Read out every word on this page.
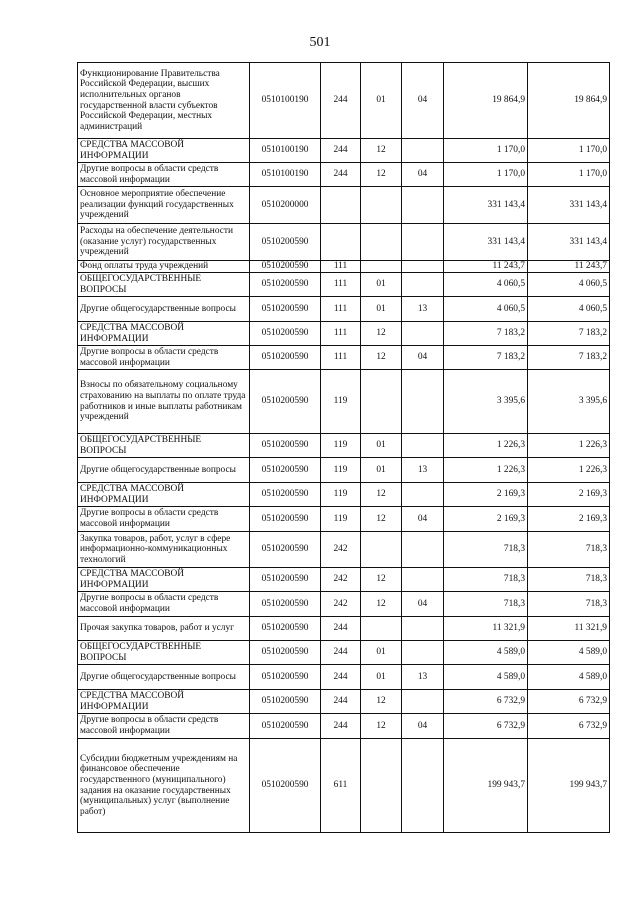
501
Функционирование Правительства Российской Федерации, высших исполнительных органов государственной власти субъектов Российской Федерации, местных администраций	0510100190	244	01	04	19 864,9	19 864,9
СРЕДСТВА МАССОВОЙ ИНФОРМАЦИИ	0510100190	244	12		1 170,0	1 170,0
Другие вопросы в области средств массовой информации	0510100190	244	12	04	1 170,0	1 170,0
Основное мероприятие обеспечение реализации функций государственных учреждений	0510200000				331 143,4	331 143,4
Расходы на обеспечение деятельности (оказание услуг) государственных учреждений	0510200590				331 143,4	331 143,4
Фонд оплаты труда учреждений	0510200590	111			11 243,7	11 243,7
ОБЩЕГОСУДАРСТВЕННЫЕ ВОПРОСЫ	0510200590	111	01		4 060,5	4 060,5
Другие общегосударственные вопросы	0510200590	111	01	13	4 060,5	4 060,5
СРЕДСТВА МАССОВОЙ ИНФОРМАЦИИ	0510200590	111	12		7 183,2	7 183,2
Другие вопросы в области средств массовой информации	0510200590	111	12	04	7 183,2	7 183,2
Взносы по обязательному социальному страхованию на выплаты по оплате труда работников и иные выплаты работникам учреждений	0510200590	119			3 395,6	3 395,6
ОБЩЕГОСУДАРСТВЕННЫЕ ВОПРОСЫ	0510200590	119	01		1 226,3	1 226,3
Другие общегосударственные вопросы	0510200590	119	01	13	1 226,3	1 226,3
СРЕДСТВА МАССОВОЙ ИНФОРМАЦИИ	0510200590	119	12		2 169,3	2 169,3
Другие вопросы в области средств массовой информации	0510200590	119	12	04	2 169,3	2 169,3
Закупка товаров, работ, услуг в сфере информационно-коммуникационных технологий	0510200590	242			718,3	718,3
СРЕДСТВА МАССОВОЙ ИНФОРМАЦИИ	0510200590	242	12		718,3	718,3
Другие вопросы в области средств массовой информации	0510200590	242	12	04	718,3	718,3
Прочая закупка товаров, работ и услуг	0510200590	244			11 321,9	11 321,9
ОБЩЕГОСУДАРСТВЕННЫЕ ВОПРОСЫ	0510200590	244	01		4 589,0	4 589,0
Другие общегосударственные вопросы	0510200590	244	01	13	4 589,0	4 589,0
СРЕДСТВА МАССОВОЙ ИНФОРМАЦИИ	0510200590	244	12		6 732,9	6 732,9
Другие вопросы в области средств массовой информации	0510200590	244	12	04	6 732,9	6 732,9
Субсидии бюджетным учреждениям на финансовое обеспечение государственного (муниципального) задания на оказание государственных (муниципальных) услуг (выполнение работ)	0510200590	611			199 943,7	199 943,7
